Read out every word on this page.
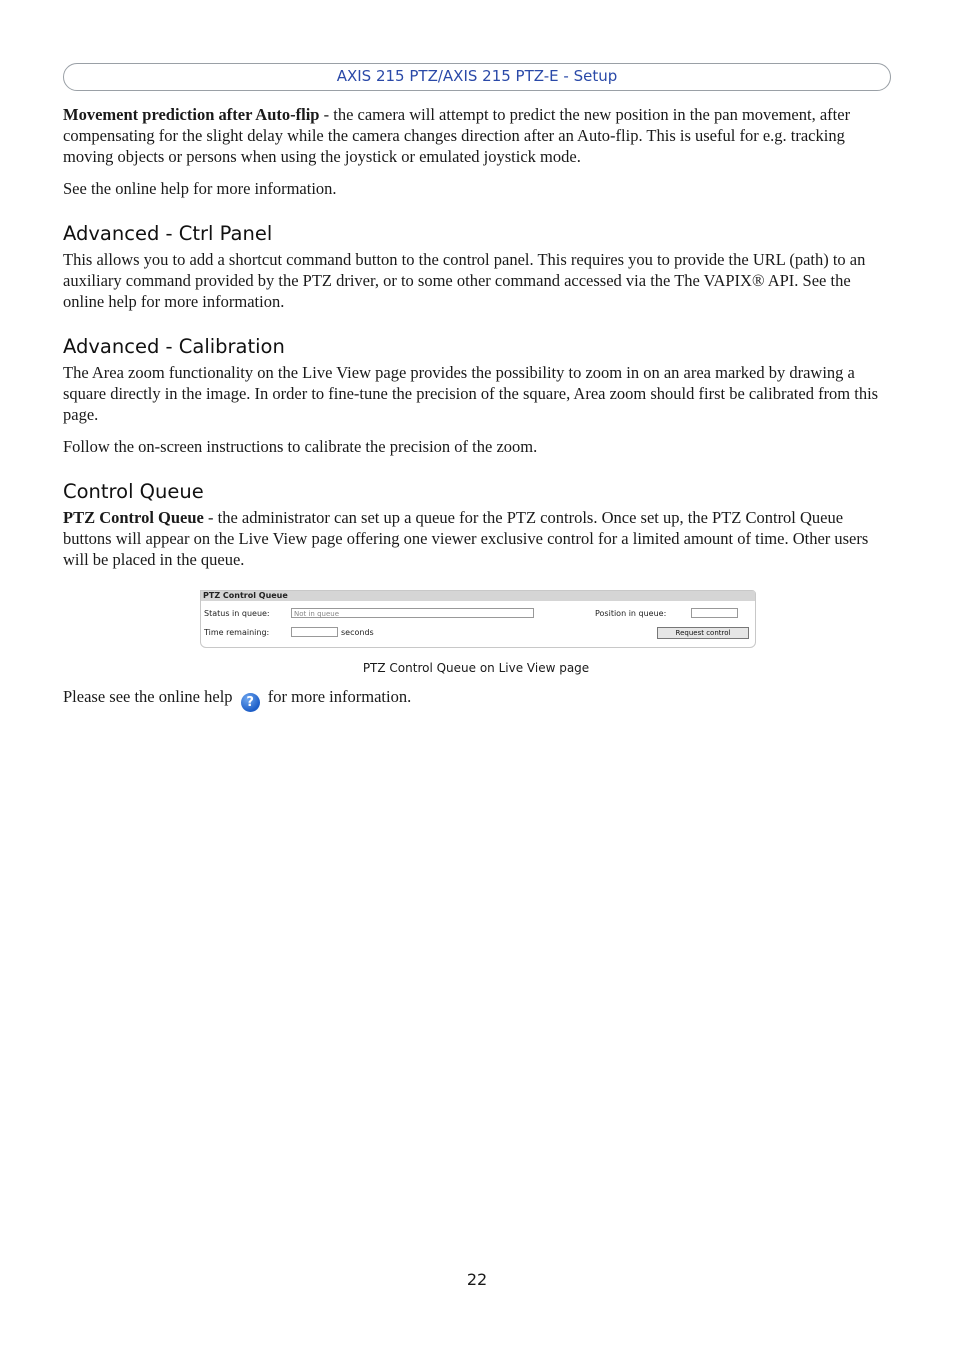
AXIS 215 PTZ/AXIS 215 PTZ-E - Setup

Movement prediction after Auto-flip - the camera will attempt to predict the new position in the pan movement, after compensating for the slight delay while the camera changes direction after an Auto-flip. This is useful for e.g. tracking moving objects or persons when using the joystick or emulated joystick mode.

See the online help for more information.

Advanced - Ctrl Panel

This allows you to add a shortcut command button to the control panel. This requires you to provide the URL (path) to an auxiliary command provided by the PTZ driver, or to some other command accessed via the The VAPIX® API. See the online help for more information.

Advanced - Calibration

The Area zoom functionality on the Live View page provides the possibility to zoom in on an area marked by drawing a square directly in the image. In order to fine-tune the precision of the square, Area zoom should first be calibrated from this page.

Follow the on-screen instructions to calibrate the precision of the zoom.

Control Queue

PTZ Control Queue - the administrator can set up a queue for the PTZ controls. Once set up, the PTZ Control Queue buttons will appear on the Live View page offering one viewer exclusive control for a limited amount of time. Other users will be placed in the queue.

PTZ Control Queue
Status in queue:	Not in queue	Position in queue:
Time remaining:	seconds	Request control
PTZ Control Queue on Live View page

Please see the online help ? for more information.

22
